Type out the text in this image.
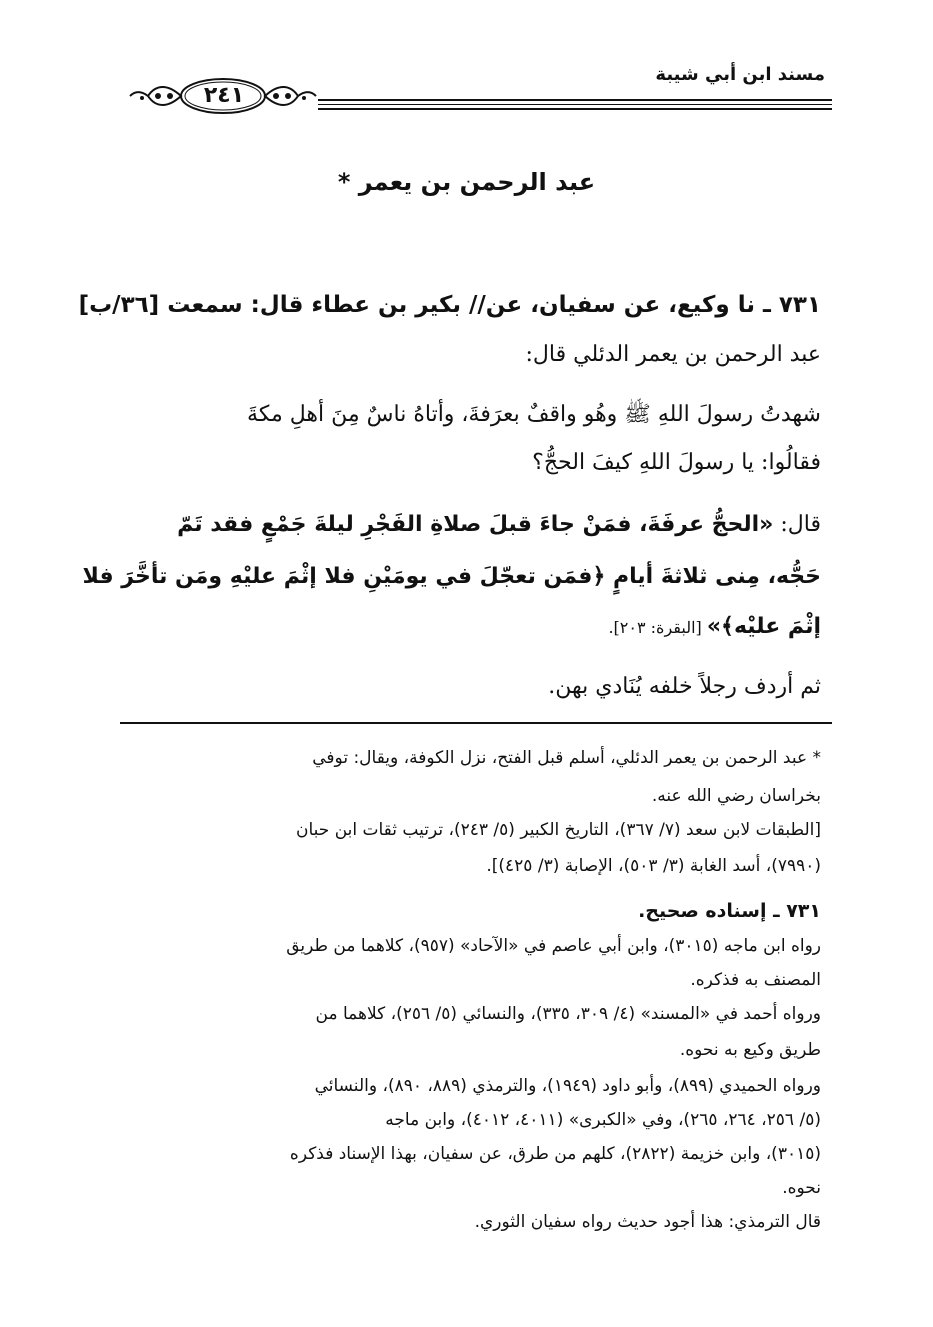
مسند ابن أبي شيبة
٢٤١
عبد الرحمن بن يعمر *
٧٣١ ـ نا وكيع، عن سفيان، عن// بكير بن عطاء قال: سمعت [٣٦/ب]
عبد الرحمن بن يعمر الدئلي قال:
شهدتُ رسولَ اللهِ ﷺ وهُو واقفٌ بعرَفةَ، وأتاهُ ناسٌ مِنَ أهلِ مكةَ
فقالُوا: يا رسولَ اللهِ كيفَ الحجُّ؟
قال: «الحجُّ عرفَةَ، فمَنْ جاءَ قبلَ صلاةِ الفَجْرِ ليلةَ جَمْعٍ فقد تَمّ
حَجُّه، مِنى ثلاثةَ أيامٍ ﴿فمَن تعجّلَ في يومَيْنِ فلا إثْمَ عليْهِ ومَن تأخَّرَ فلا
إثْمَ عليْه﴾» [البقرة: ٢٠٣].
ثم أردف رجلاً خلفه يُنَادي بهن.
* عبد الرحمن بن يعمر الدئلي، أسلم قبل الفتح، نزل الكوفة، ويقال: توفي
بخراسان رضي الله عنه.
[الطبقات لابن سعد (٧/ ٣٦٧)، التاريخ الكبير (٥/ ٢٤٣)، ترتيب ثقات ابن حبان
(٧٩٩٠)، أسد الغابة (٣/ ٥٠٣)، الإصابة (٣/ ٤٢٥)].
٧٣١ ـ إسناده صحيح.
رواه ابن ماجه (٣٠١٥)، وابن أبي عاصم في «الآحاد» (٩٥٧)، كلاهما من طريق
المصنف به فذكره.
ورواه أحمد في «المسند» (٤/ ٣٠٩، ٣٣٥)، والنسائي (٥/ ٢٥٦)، كلاهما من
طريق وكيع به نحوه.
ورواه الحميدي (٨٩٩)، وأبو داود (١٩٤٩)، والترمذي (٨٨٩، ٨٩٠)، والنسائي
(٥/ ٢٥٦، ٢٦٤، ٢٦٥)، وفي «الكبرى» (٤٠١١، ٤٠١٢)، وابن ماجه
(٣٠١٥)، وابن خزيمة (٢٨٢٢)، كلهم من طرق، عن سفيان، بهذا الإسناد فذكره
نحوه.
قال الترمذي: هذا أجود حديث رواه سفيان الثوري.
